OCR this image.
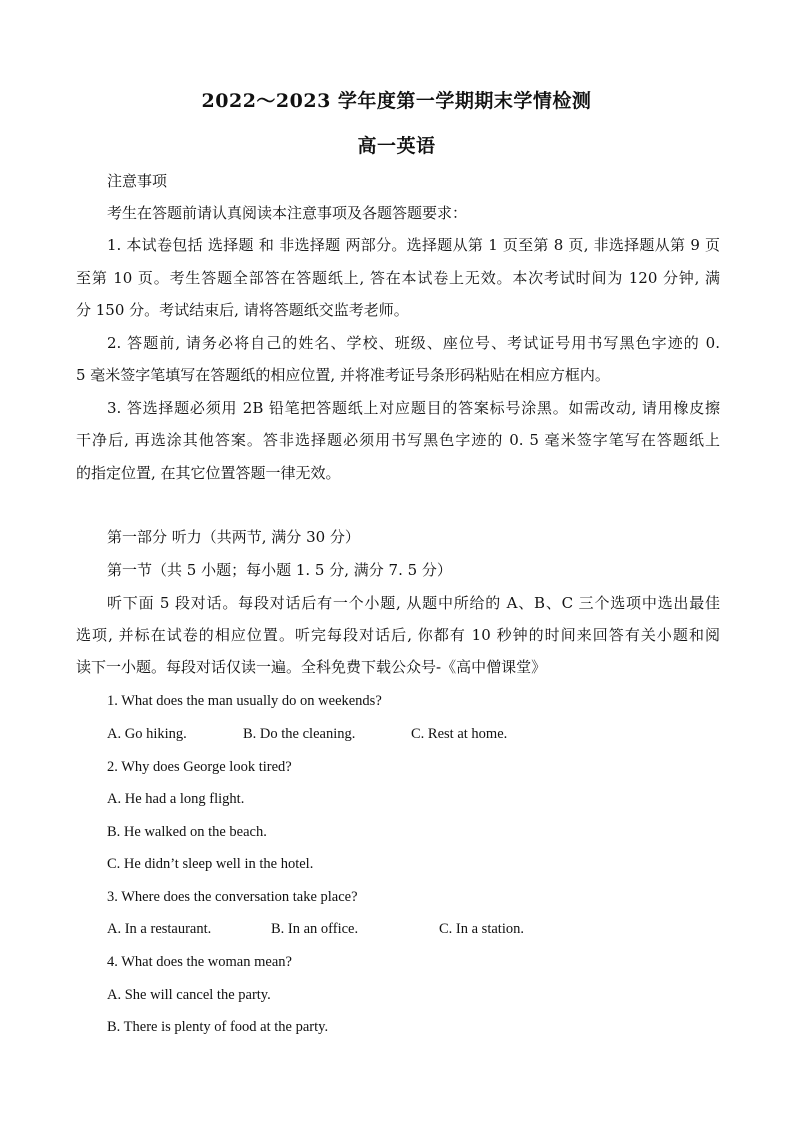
2022～2023 学年度第一学期期末学情检测
高一英语
注意事项
考生在答题前请认真阅读本注意事项及各题答题要求：
1. 本试卷包括 选择题 和 非选择题 两部分。选择题从第 1 页至第 8 页, 非选择题从第 9 页
至第 10 页。考生答题全部答在答题纸上, 答在本试卷上无效。本次考试时间为 120 分钟, 满
分 150 分。考试结束后, 请将答题纸交监考老师。
2. 答题前, 请务必将自己的姓名、学校、班级、座位号、考试证号用书写黑色字迹的 0.
5 毫米签字笔填写在答题纸的相应位置, 并将准考证号条形码粘贴在相应方框内。
3. 答选择题必须用 2B 铅笔把答题纸上对应题目的答案标号涂黑。如需改动, 请用橡皮擦
干净后, 再选涂其他答案。答非选择题必须用书写黑色字迹的 0. 5 毫米签字笔写在答题纸上
的指定位置, 在其它位置答题一律无效。
第一部分 听力（共两节, 满分 30 分）
第一节（共 5 小题；每小题 1. 5 分, 满分 7. 5 分）
听下面 5 段对话。每段对话后有一个小题, 从题中所给的 A、B、C 三个选项中选出最佳
选项, 并标在试卷的相应位置。听完每段对话后, 你都有 10 秒钟的时间来回答有关小题和阅
读下一小题。每段对话仅读一遍。全科免费下载公众号-《高中僧课堂》
1. What does the man usually do on weekends?
A. Go hiking.	B. Do the cleaning.	C. Rest at home.
2. Why does George look tired?
A. He had a long flight.
B. He walked on the beach.
C. He didn’t sleep well in the hotel.
3. Where does the conversation take place?
A. In a restaurant.	B. In an office.	C. In a station.
4. What does the woman mean?
A. She will cancel the party.
B. There is plenty of food at the party.
